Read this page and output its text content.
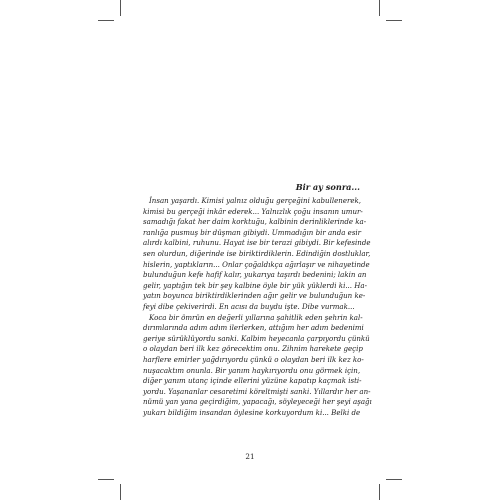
Bir ay sonra...

İnsan yaşardı. Kimisi yalnız olduğu gerçeğini kabullenerek,
kimisi bu gerçeği inkâr ederek... Yalnızlık çoğu insanın umur-
samadığı fakat her daim korktuğu, kalbinin derinliklerinde ka-
ranlığa pusmuş bir düşman gibiydi. Ummadığın bir anda esir
alırdı kalbini, ruhunu. Hayat ise bir terazi gibiydi. Bir kefesinde
sen olurdun, diğerinde ise biriktirdiklerin. Edindiğin dostluklar,
hislerin, yaptıkların... Onlar çoğaldıkça ağırlaşır ve nihayetinde
bulunduğun kefe hafif kalır, yukarıya taşırdı bedenini; lakin an
gelir, yaptığın tek bir şey kalbine öyle bir yük yüklerdi ki... Ha-
yatın boyunca biriktirdiklerinden ağır gelir ve bulunduğun ke-
feyi dibe çekiverirdi. En acısı da buydu işte. Dibe vurmak...

Koca bir ömrün en değerli yıllarına şahitlik eden şehrin kal-
dırımlarında adım adım ilerlerken, attığım her adım bedenimi
geriye sürüklüyordu sanki. Kalbim heyecanla çarpıyordu çünkü
o olaydan beri ilk kez görecektim onu. Zihnim harekete geçip
harflere emirler yağdırıyordu çünkü o olaydan beri ilk kez ko-
nuşacaktım onunla. Bir yanım haykırıyordu onu görmek için,
diğer yanım utanç içinde ellerini yüzüne kapatıp kaçmak isti-
yordu. Yaşananlar cesaretimi köreltmişti sanki. Yıllardır her an-
nümü yan yana geçirdiğim, yapacağı, söyleyeceği her şeyi aşağı
yukarı bildiğim insandan öylesine korkuyordum ki... Belki de

21
